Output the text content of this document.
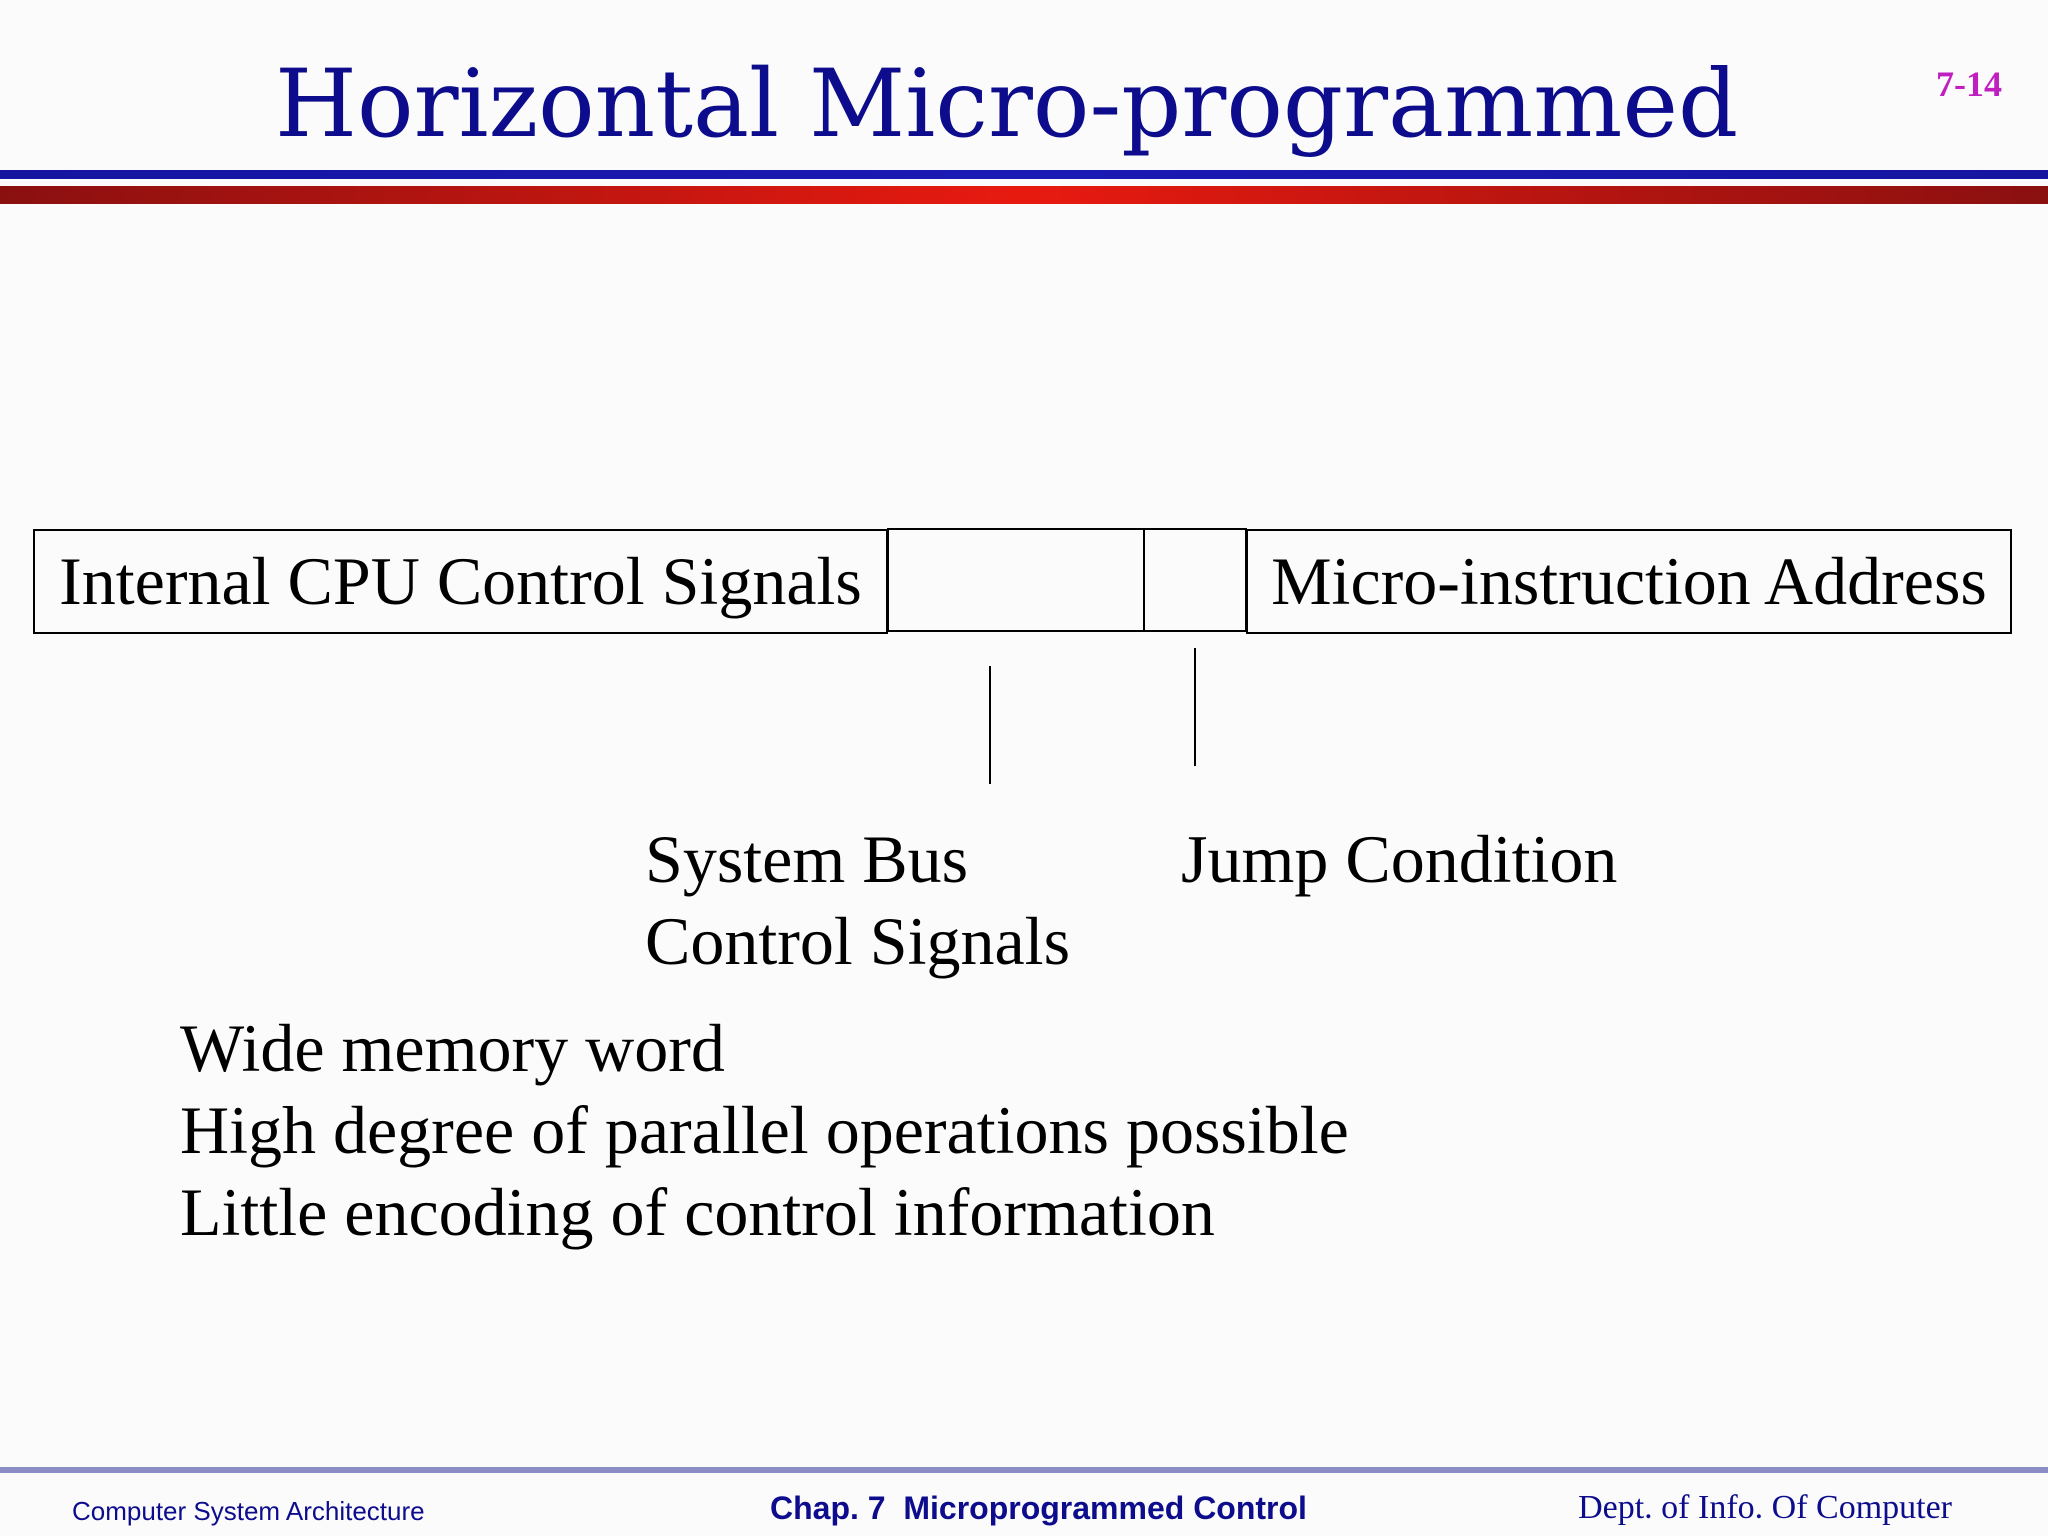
Horizontal Micro-programmed	7-14
Internal CPU Control Signals	Micro-instruction Address
System Bus
Control Signals
Jump Condition
Wide memory word
High degree of parallel operations possible
Little encoding of control information
Computer System Architecture	Chap. 7  Microprogrammed Control	Dept. of Info. Of Computer
